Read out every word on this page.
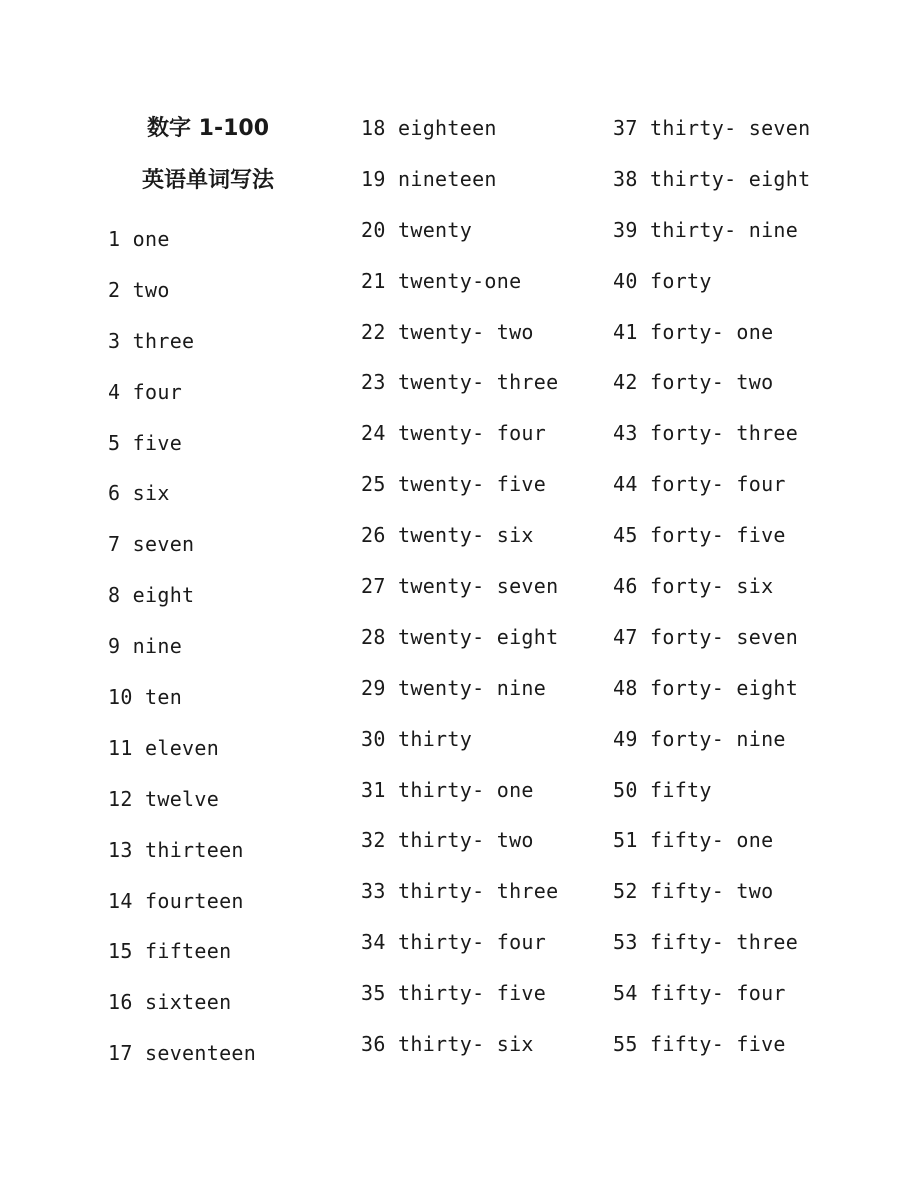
数字 1-100
英语单词写法
1 one
2 two
3 three
4 four
5 five
6 six
7 seven
8 eight
9 nine
10 ten
11 eleven
12 twelve
13 thirteen
14 fourteen
15 fifteen
16 sixteen
17 seventeen
18 eighteen
19 nineteen
20 twenty
21 twenty-one
22 twenty- two
23 twenty- three
24 twenty- four
25 twenty- five
26 twenty- six
27 twenty- seven
28 twenty- eight
29 twenty- nine
30 thirty
31 thirty- one
32 thirty- two
33 thirty- three
34 thirty- four
35 thirty- five
36 thirty- six
37 thirty- seven
38 thirty- eight
39 thirty- nine
40 forty
41 forty- one
42 forty- two
43 forty- three
44 forty- four
45 forty- five
46 forty- six
47 forty- seven
48 forty- eight
49 forty- nine
50 fifty
51 fifty- one
52 fifty- two
53 fifty- three
54 fifty- four
55 fifty- five
